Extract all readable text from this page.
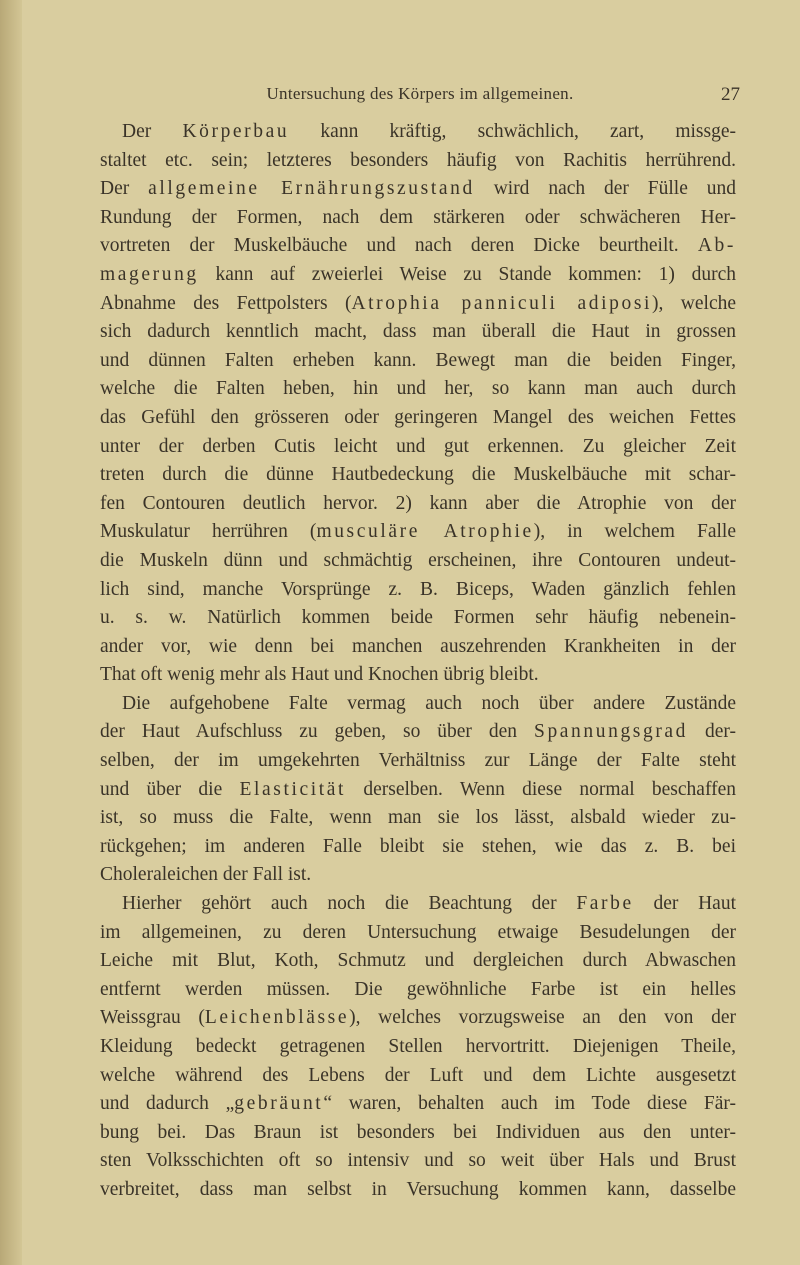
Untersuchung des Körpers im allgemeinen.	27
Der Körperbau kann kräftig, schwächlich, zart, missge-
staltet etc. sein; letzteres besonders häufig von Rachitis herrührend.
Der allgemeine Ernährungszustand wird nach der Fülle und
Rundung der Formen, nach dem stärkeren oder schwächeren Her-
vortreten der Muskelbäuche und nach deren Dicke beurtheilt. Ab-
magerung kann auf zweierlei Weise zu Stande kommen: 1) durch
Abnahme des Fettpolsters (Atrophia panniculi adiposi), welche
sich dadurch kenntlich macht, dass man überall die Haut in grossen
und dünnen Falten erheben kann. Bewegt man die beiden Finger,
welche die Falten heben, hin und her, so kann man auch durch
das Gefühl den grösseren oder geringeren Mangel des weichen Fettes
unter der derben Cutis leicht und gut erkennen. Zu gleicher Zeit
treten durch die dünne Hautbedeckung die Muskelbäuche mit schar-
fen Contouren deutlich hervor. 2) kann aber die Atrophie von der
Muskulatur herrühren (musculäre Atrophie), in welchem Falle
die Muskeln dünn und schmächtig erscheinen, ihre Contouren undeut-
lich sind, manche Vorsprünge z. B. Biceps, Waden gänzlich fehlen
u. s. w. Natürlich kommen beide Formen sehr häufig nebenein-
ander vor, wie denn bei manchen auszehrenden Krankheiten in der
That oft wenig mehr als Haut und Knochen übrig bleibt.
Die aufgehobene Falte vermag auch noch über andere Zustände
der Haut Aufschluss zu geben, so über den Spannungsgrad der-
selben, der im umgekehrten Verhältniss zur Länge der Falte steht
und über die Elasticität derselben. Wenn diese normal beschaffen
ist, so muss die Falte, wenn man sie los lässt, alsbald wieder zu-
rückgehen; im anderen Falle bleibt sie stehen, wie das z. B. bei
Choleraleichen der Fall ist.
Hierher gehört auch noch die Beachtung der Farbe der Haut
im allgemeinen, zu deren Untersuchung etwaige Besudelungen der
Leiche mit Blut, Koth, Schmutz und dergleichen durch Abwaschen
entfernt werden müssen. Die gewöhnliche Farbe ist ein helles
Weissgrau (Leichenblässe), welches vorzugsweise an den von der
Kleidung bedeckt getragenen Stellen hervortritt. Diejenigen Theile,
welche während des Lebens der Luft und dem Lichte ausgesetzt
und dadurch „gebräunt“ waren, behalten auch im Tode diese Fär-
bung bei. Das Braun ist besonders bei Individuen aus den unter-
sten Volksschichten oft so intensiv und so weit über Hals und Brust
verbreitet, dass man selbst in Versuchung kommen kann, dasselbe
